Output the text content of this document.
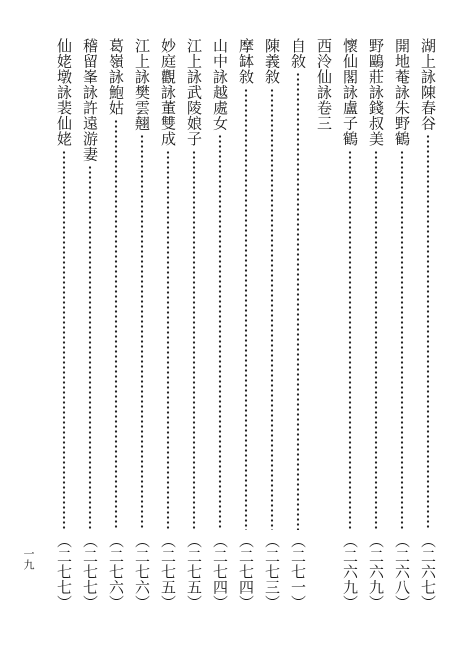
湖上詠陳春谷
（二六七）
開地菴詠朱野鶴
（二六八）
野鷗莊詠錢叔美
（二六九）
懷仙閣詠盧子鶴
（二六九）
西泠仙詠卷三
自敘
（二七一）
陳義敘
（二七三）
摩缽敘
（二七四）
山中詠越處女
（二七四）
江上詠武陵娘子
（二七五）
妙庭觀詠董雙成
（二七五）
江上詠樊雲翹
（二七六）
葛嶺詠鮑姑
（二七六）
稽留峯詠許遠游妻
（二七七）
仙姥墩詠裴仙姥
（二七七）
一九
